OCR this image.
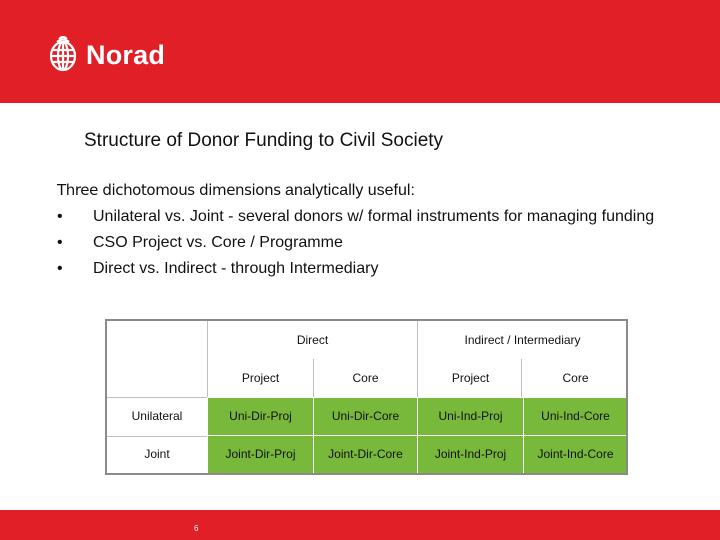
Norad
Structure of Donor Funding to Civil Society
Three dichotomous dimensions analytically useful:
• Unilateral vs. Joint - several donors w/ formal instruments for managing funding
• CSO Project vs. Core / Programme
• Direct vs. Indirect - through Intermediary
	Direct		Indirect / Intermediary	
	Project	Core	Project	Core
Unilateral	Uni-Dir-Proj	Uni-Dir-Core	Uni-Ind-Proj	Uni-Ind-Core
Joint	Joint-Dir-Proj	Joint-Dir-Core	Joint-Ind-Proj	Joint-Ind-Core
6
